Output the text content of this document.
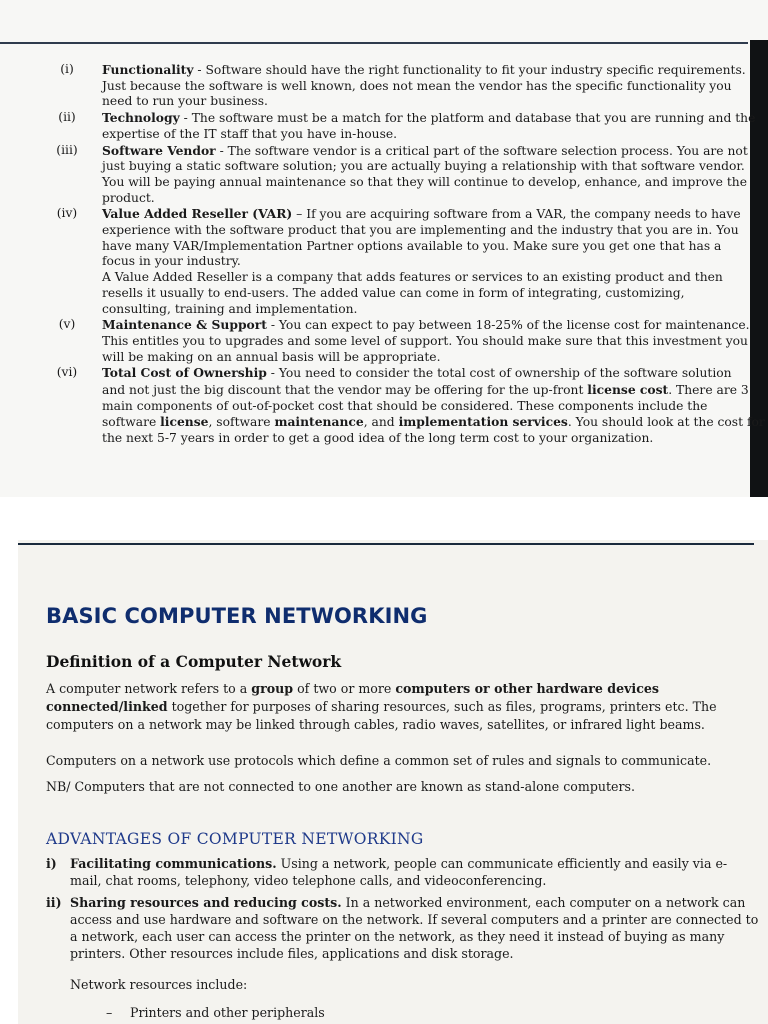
(i)	Functionality - Software should have the right functionality to fit your industry specific requirements.
Just because the software is well known, does not mean the vendor has the specific functionality you
need to run your business.
(ii)	Technology - The software must be a match for the platform and database that you are running and the
expertise of the IT staff that you have in-house.
(iii)	Software Vendor - The software vendor is a critical part of the software selection process. You are not
just buying a static software solution; you are actually buying a relationship with that software vendor.
You will be paying annual maintenance so that they will continue to develop, enhance, and improve the
product.
(iv)	Value Added Reseller (VAR) – If you are acquiring software from a VAR, the company needs to have
experience with the software product that you are implementing and the industry that you are in. You
have many VAR/Implementation Partner options available to you. Make sure you get one that has a
focus in your industry.
A Value Added Reseller is a company that adds features or services to an existing product and then
resells it usually to end-users. The added value can come in form of integrating, customizing,
consulting, training and implementation.
(v)	Maintenance & Support - You can expect to pay between 18-25% of the license cost for maintenance.
This entitles you to upgrades and some level of support. You should make sure that this investment you
will be making on an annual basis will be appropriate.
(vi)	Total Cost of Ownership - You need to consider the total cost of ownership of the software solution
and not just the big discount that the vendor may be offering for the up-front license cost. There are 3
main components of out-of-pocket cost that should be considered. These components include the
software license, software maintenance, and implementation services. You should look at the cost for
the next 5-7 years in order to get a good idea of the long term cost to your organization.
BASIC COMPUTER NETWORKING
Definition of a Computer Network
A computer network refers to a group of two or more computers or other hardware devices
connected/linked together for purposes of sharing resources, such as files, programs, printers etc. The
computers on a network may be linked through cables, radio waves, satellites, or infrared light beams.

Computers on a network use protocols which define a common set of rules and signals to communicate.

NB/ Computers that are not connected to one another are known as stand-alone computers.

ADVANTAGES OF COMPUTER NETWORKING
i) Facilitating communications. Using a network, people can communicate efficiently and easily via e-
mail, chat rooms, telephony, video telephone calls, and videoconferencing.
ii) Sharing resources and reducing costs. In a networked environment, each computer on a network can
access and use hardware and software on the network. If several computers and a printer are connected to
a network, each user can access the printer on the network, as they need it instead of buying as many
printers. Other resources include files, applications and disk storage.
Network resources include:
– Printers and other peripherals
